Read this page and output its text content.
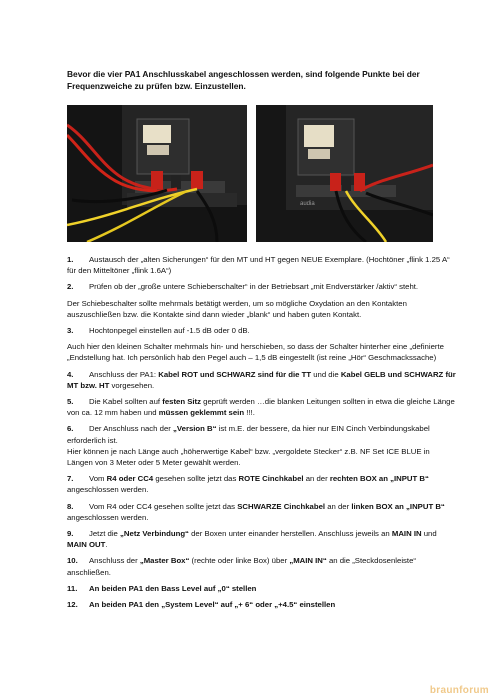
Bevor die vier PA1 Anschlusskabel angeschlossen werden, sind folgende Punkte bei der Frequenzweiche zu prüfen bzw. Einzustellen.
audia

1. Austausch der „alten Sicherungen“ für den MT und HT gegen NEUE Exemplare. (Hochtöner „flink 1.25 A“ für den Mitteltöner „flink 1.6A“)

2. Prüfen ob der „große untere Schieberschalter“ in der Betriebsart „mit Endverstärker /aktiv“ steht.

Der Schiebeschalter sollte mehrmals betätigt werden, um so mögliche Oxydation an den Kontakten auszuschließen bzw. die Kontakte sind dann wieder „blank“ und haben guten Kontakt.

3. Hochtonpegel einstellen auf -1.5 dB oder 0 dB.

Auch hier den kleinen Schalter mehrmals hin- und herschieben, so dass der Schalter hinterher eine „definierte „Endstellung hat. Ich persönlich hab den Pegel auch – 1,5 dB eingestellt (ist reine „Hör“ Geschmackssache)

4. Anschluss der PA1: Kabel ROT und SCHWARZ sind für die TT und die Kabel GELB und SCHWARZ für MT bzw. HT vorgesehen.

5. Die Kabel sollten auf festen Sitz geprüft werden …die blanken Leitungen sollten in etwa die gleiche Länge von ca. 12 mm haben und müssen geklemmt sein !!!.

6. Der Anschluss nach der „Version B“ ist m.E. der bessere, da hier nur EIN Cinch Verbindungskabel erforderlich ist.
Hier können je nach Länge auch „höherwertige Kabel“ bzw. „vergoldete Stecker“ z.B. NF Set ICE BLUE in Längen von 3 Meter oder 5 Meter gewählt werden.

7. Vom R4 oder CC4 gesehen sollte jetzt das ROTE Cinchkabel an der rechten BOX an „INPUT B“ angeschlossen werden.

8. Vom R4 oder CC4 gesehen sollte jetzt das SCHWARZE Cinchkabel an der linken BOX an „INPUT B“ angeschlossen werden.

9. Jetzt die „Netz Verbindung“ der Boxen unter einander herstellen. Anschluss jeweils an MAIN IN und MAIN OUT.

10. Anschluss der „Master Box“ (rechte oder linke Box) über „MAIN IN“ an die „Steckdosenleiste“ anschließen.

11. An beiden PA1 den Bass Level auf „0“ stellen

12. An beiden PA1 den „System Level“ auf „+ 6“ oder „+4.5“ einstellen

braunforum
